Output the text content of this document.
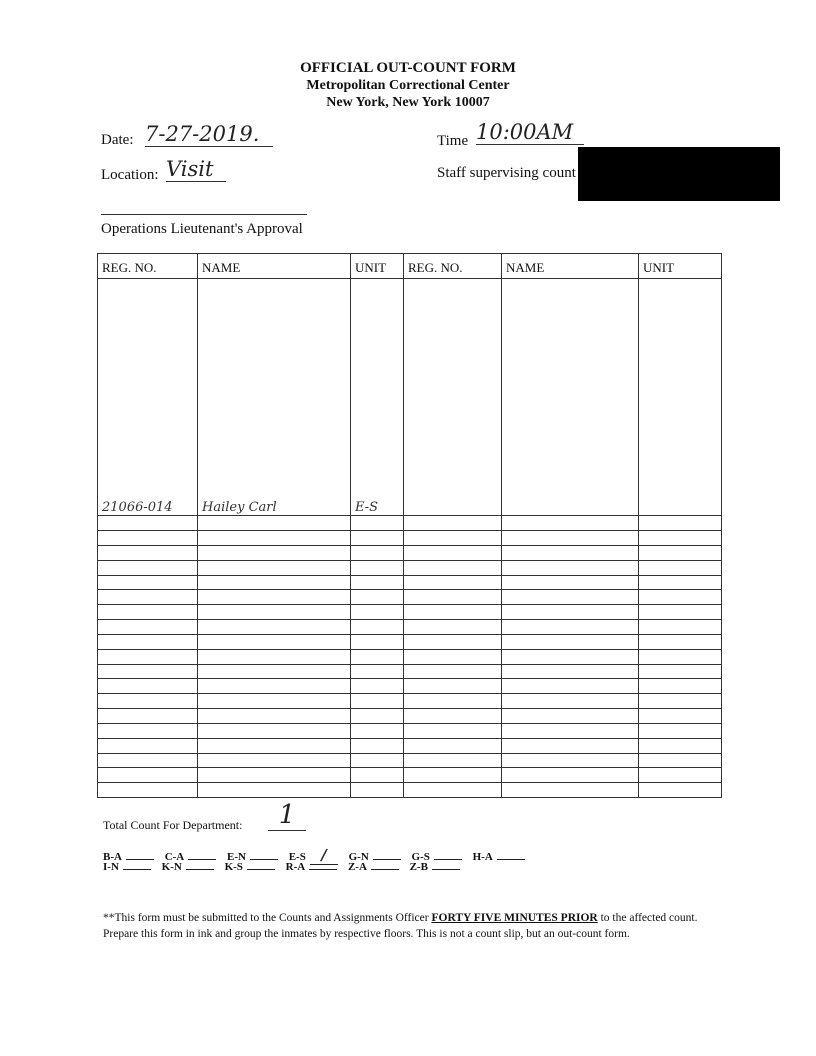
OFFICIAL OUT-COUNT FORM
Metropolitan Correctional Center
New York, New York 10007
Date: 7-27-2019.	Time 10:00AM
Location: Visit	Staff supervising count
Operations Lieutenant's Approval
REG. NO.	NAME	UNIT	REG. NO.	NAME	UNIT
21066-014	Hailey Carl	E-S			

Total Count For Department:	1
B-A	C-A	E-N	E-S / G-N	G-S	H-A
I-N	K-N	K-S	R-A	Z-A	Z-B
**This form must be submitted to the Counts and Assignments Officer FORTY FIVE MINUTES PRIOR to the affected count. Prepare this form in ink and group the inmates by respective floors. This is not a count slip, but an out-count form.
